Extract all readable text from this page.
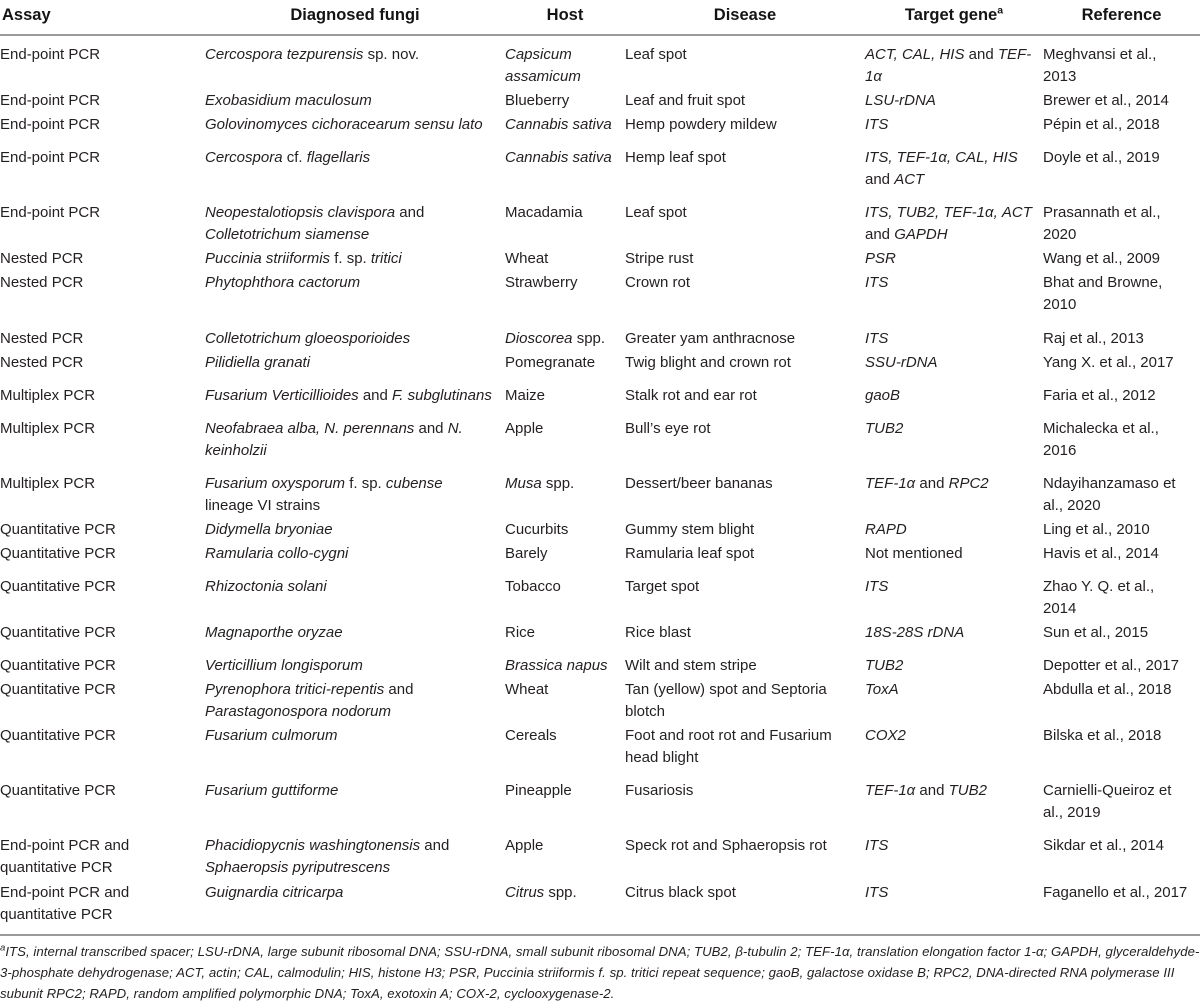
Assay	Diagnosed fungi	Host	Disease	Target gene$^a$	Reference

End-point PCR	Cercospora tezpurensis sp. nov.	Capsicum assamicum	Leaf spot	ACT, CAL, HIS and TEF-1α	Meghvansi et al., 2013
End-point PCR	Exobasidium maculosum	Blueberry	Leaf and fruit spot	LSU-rDNA	Brewer et al., 2014
End-point PCR	Golovinomyces cichoracearum sensu lato	Cannabis sativa	Hemp powdery mildew	ITS	Pépin et al., 2018

End-point PCR	Cercospora cf. flagellaris	Cannabis sativa	Hemp leaf spot	ITS, TEF-1α, CAL, HIS and ACT	Doyle et al., 2019

End-point PCR	Neopestalotiopsis clavispora and Colletotrichum siamense	Macadamia	Leaf spot	ITS, TUB2, TEF-1α, ACT and GAPDH	Prasannath et al., 2020
Nested PCR	Puccinia striiformis f. sp. tritici	Wheat	Stripe rust	PSR	Wang et al., 2009
Nested PCR	Phytophthora cactorum	Strawberry	Crown rot	ITS	Bhat and Browne, 2010

Nested PCR	Colletotrichum gloeosporioides	Dioscorea spp.	Greater yam anthracnose	ITS	Raj et al., 2013
Nested PCR	Pilidiella granati	Pomegranate	Twig blight and crown rot	SSU-rDNA	Yang X. et al., 2017

Multiplex PCR	Fusarium Verticillioides and F. subglutinans	Maize	Stalk rot and ear rot	gaoB	Faria et al., 2012

Multiplex PCR	Neofabraea alba, N. perennans and N. keinholzii	Apple	Bull’s eye rot	TUB2	Michalecka et al., 2016

Multiplex PCR	Fusarium oxysporum f. sp. cubense lineage VI strains	Musa spp.	Dessert/beer bananas	TEF-1α and RPC2	Ndayihanzamaso et al., 2020
Quantitative PCR	Didymella bryoniae	Cucurbits	Gummy stem blight	RAPD	Ling et al., 2010
Quantitative PCR	Ramularia collo-cygni	Barely	Ramularia leaf spot	Not mentioned	Havis et al., 2014

Quantitative PCR	Rhizoctonia solani	Tobacco	Target spot	ITS	Zhao Y. Q. et al., 2014
Quantitative PCR	Magnaporthe oryzae	Rice	Rice blast	18S-28S rDNA	Sun et al., 2015

Quantitative PCR	Verticillium longisporum	Brassica napus	Wilt and stem stripe	TUB2	Depotter et al., 2017
Quantitative PCR	Pyrenophora tritici-repentis and Parastagonospora nodorum	Wheat	Tan (yellow) spot and Septoria blotch	ToxA	Abdulla et al., 2018
Quantitative PCR	Fusarium culmorum	Cereals	Foot and root rot and Fusarium head blight	COX2	Bilska et al., 2018

Quantitative PCR	Fusarium guttiforme	Pineapple	Fusariosis	TEF-1α and TUB2	Carnielli-Queiroz et al., 2019

End-point PCR and quantitative PCR	Phacidiopycnis washingtonensis and Sphaeropsis pyriputrescens	Apple	Speck rot and Sphaeropsis rot	ITS	Sikdar et al., 2014
End-point PCR and quantitative PCR	Guignardia citricarpa	Citrus spp.	Citrus black spot	ITS	Faganello et al., 2017
$^a$ITS, internal transcribed spacer; LSU-rDNA, large subunit ribosomal DNA; SSU-rDNA, small subunit ribosomal DNA; TUB2, β-tubulin 2; TEF-1α, translation elongation factor 1-α; GAPDH, glyceraldehyde-3-phosphate dehydrogenase; ACT, actin; CAL, calmodulin; HIS, histone H3; PSR, Puccinia striiformis f. sp. tritici repeat sequence; gaoB, galactose oxidase B; RPC2, DNA-directed RNA polymerase III subunit RPC2; RAPD, random amplified polymorphic DNA; ToxA, exotoxin A; COX-2, cyclooxygenase-2.
